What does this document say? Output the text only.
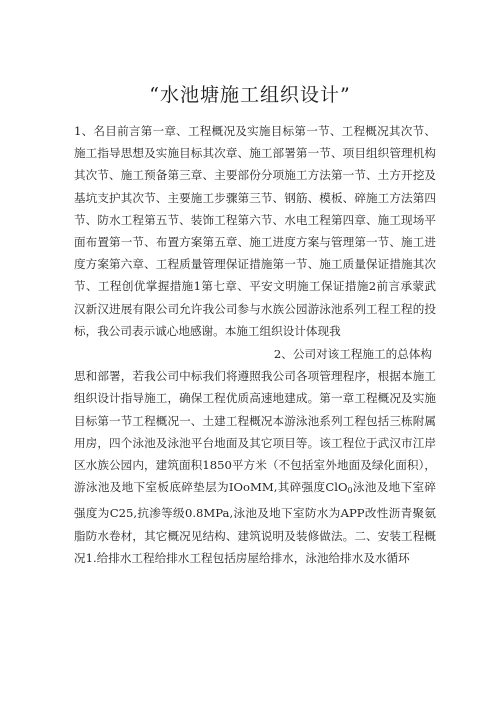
“水池塘施工组织设计”
1、名目前言第一章、工程概况及实施目标第一节、工程概况其次节、施工指导思想及实施目标其次章、施工部署第一节、项目组织管理机构其次节、施工预备第三章、主要部份分项施工方法第一节、土方开挖及基坑支护其次节、主要施工步骤第三节、钢筋、模板、碎施工方法第四节、防水工程第五节、装饰工程第六节、水电工程第四章、施工现场平面布置第一节、布置方案第五章、施工进度方案与管理第一节、施工进度方案第六章、工程质量管理保证措施第一节、施工质量保证措施其次节、工程创优掌握措施1第七章、平安文明施工保证措施2前言承蒙武汉新汉进展有限公司允许我公司参与水族公园游泳池系列工程工程的投标，我公司表示诚心地感谢。本施工组织设计体现我
2、公司对该工程施工的总体构
思和部署，若我公司中标我们将遵照我公司各项管理程序，根据本施工组织设计指导施工，确保工程优质高速地建成。第一章工程概况及实施目标第一节工程概况一、土建工程概况本游泳池系列工程包括三栋附属用房，四个泳池及泳池平台地面及其它项目等。该工程位于武汉市江岸区水族公园内，建筑面积1850平方米（不包括室外地面及绿化面积），游泳池及地下室板底碎垫层为IOoMM,其碎强度ClO$_0$泳池及地下室碎强度为C25,抗渗等级0.8MPa,泳池及地下室防水为APP改性沥青聚氨脂防水卷材，其它概况见结构、建筑说明及装修做法。二、安装工程概况1.给排水工程给排水工程包括房屋给排水，泳池给排水及水循环
